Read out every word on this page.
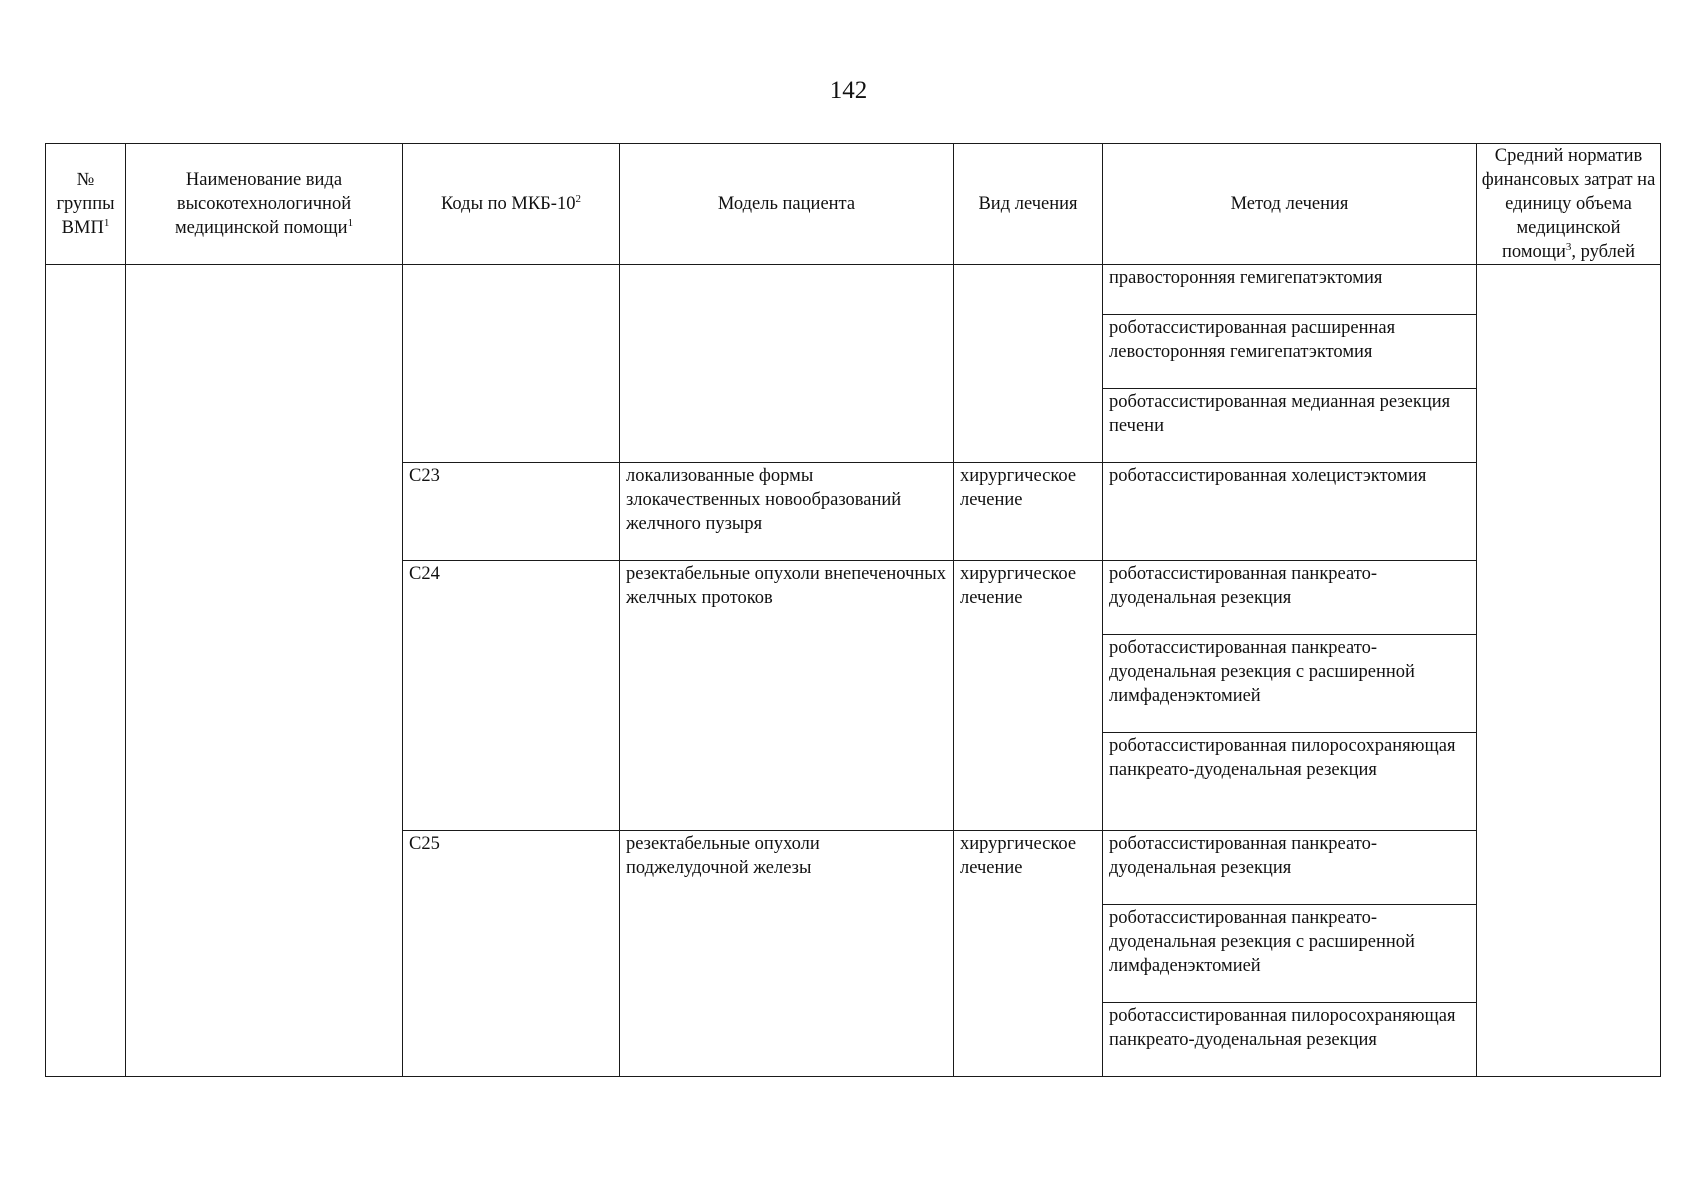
142
№ группы ВМП$^1$	Наименование вида высокотехнологичной медицинской помощи$^1$	Коды по МКБ-$10^2$	Модель пациента	Вид лечения	Метод лечения	Средний норматив финансовых затрат на единицу объема медицинской помощи$^3$, рублей

					правосторонняя гемигепатэктомия	

					роботассистированная расширенная левосторонняя гемигепатэктомия	

					роботассистированная медианная резекция печени	

		C23	локализованные формы злокачественных новообразований желчного пузыря	хирургическое лечение	роботассистированная холецистэктомия	

		C24	резектабельные опухоли внепеченочных желчных протоков	хирургическое лечение	роботассистированная панкреато-дуоденальная резекция	

					роботассистированная панкреато-дуоденальная резекция с расширенной лимфаденэктомией	

					роботассистированная пилоросохраняющая панкреато-дуоденальная резекция	

		C25	резектабельные опухоли поджелудочной железы	хирургическое лечение	роботассистированная панкреато-дуоденальная резекция	

					роботассистированная панкреато-дуоденальная резекция с расширенной лимфаденэктомией	

					роботассистированная пилоросохраняющая панкреато-дуоденальная резекция	
